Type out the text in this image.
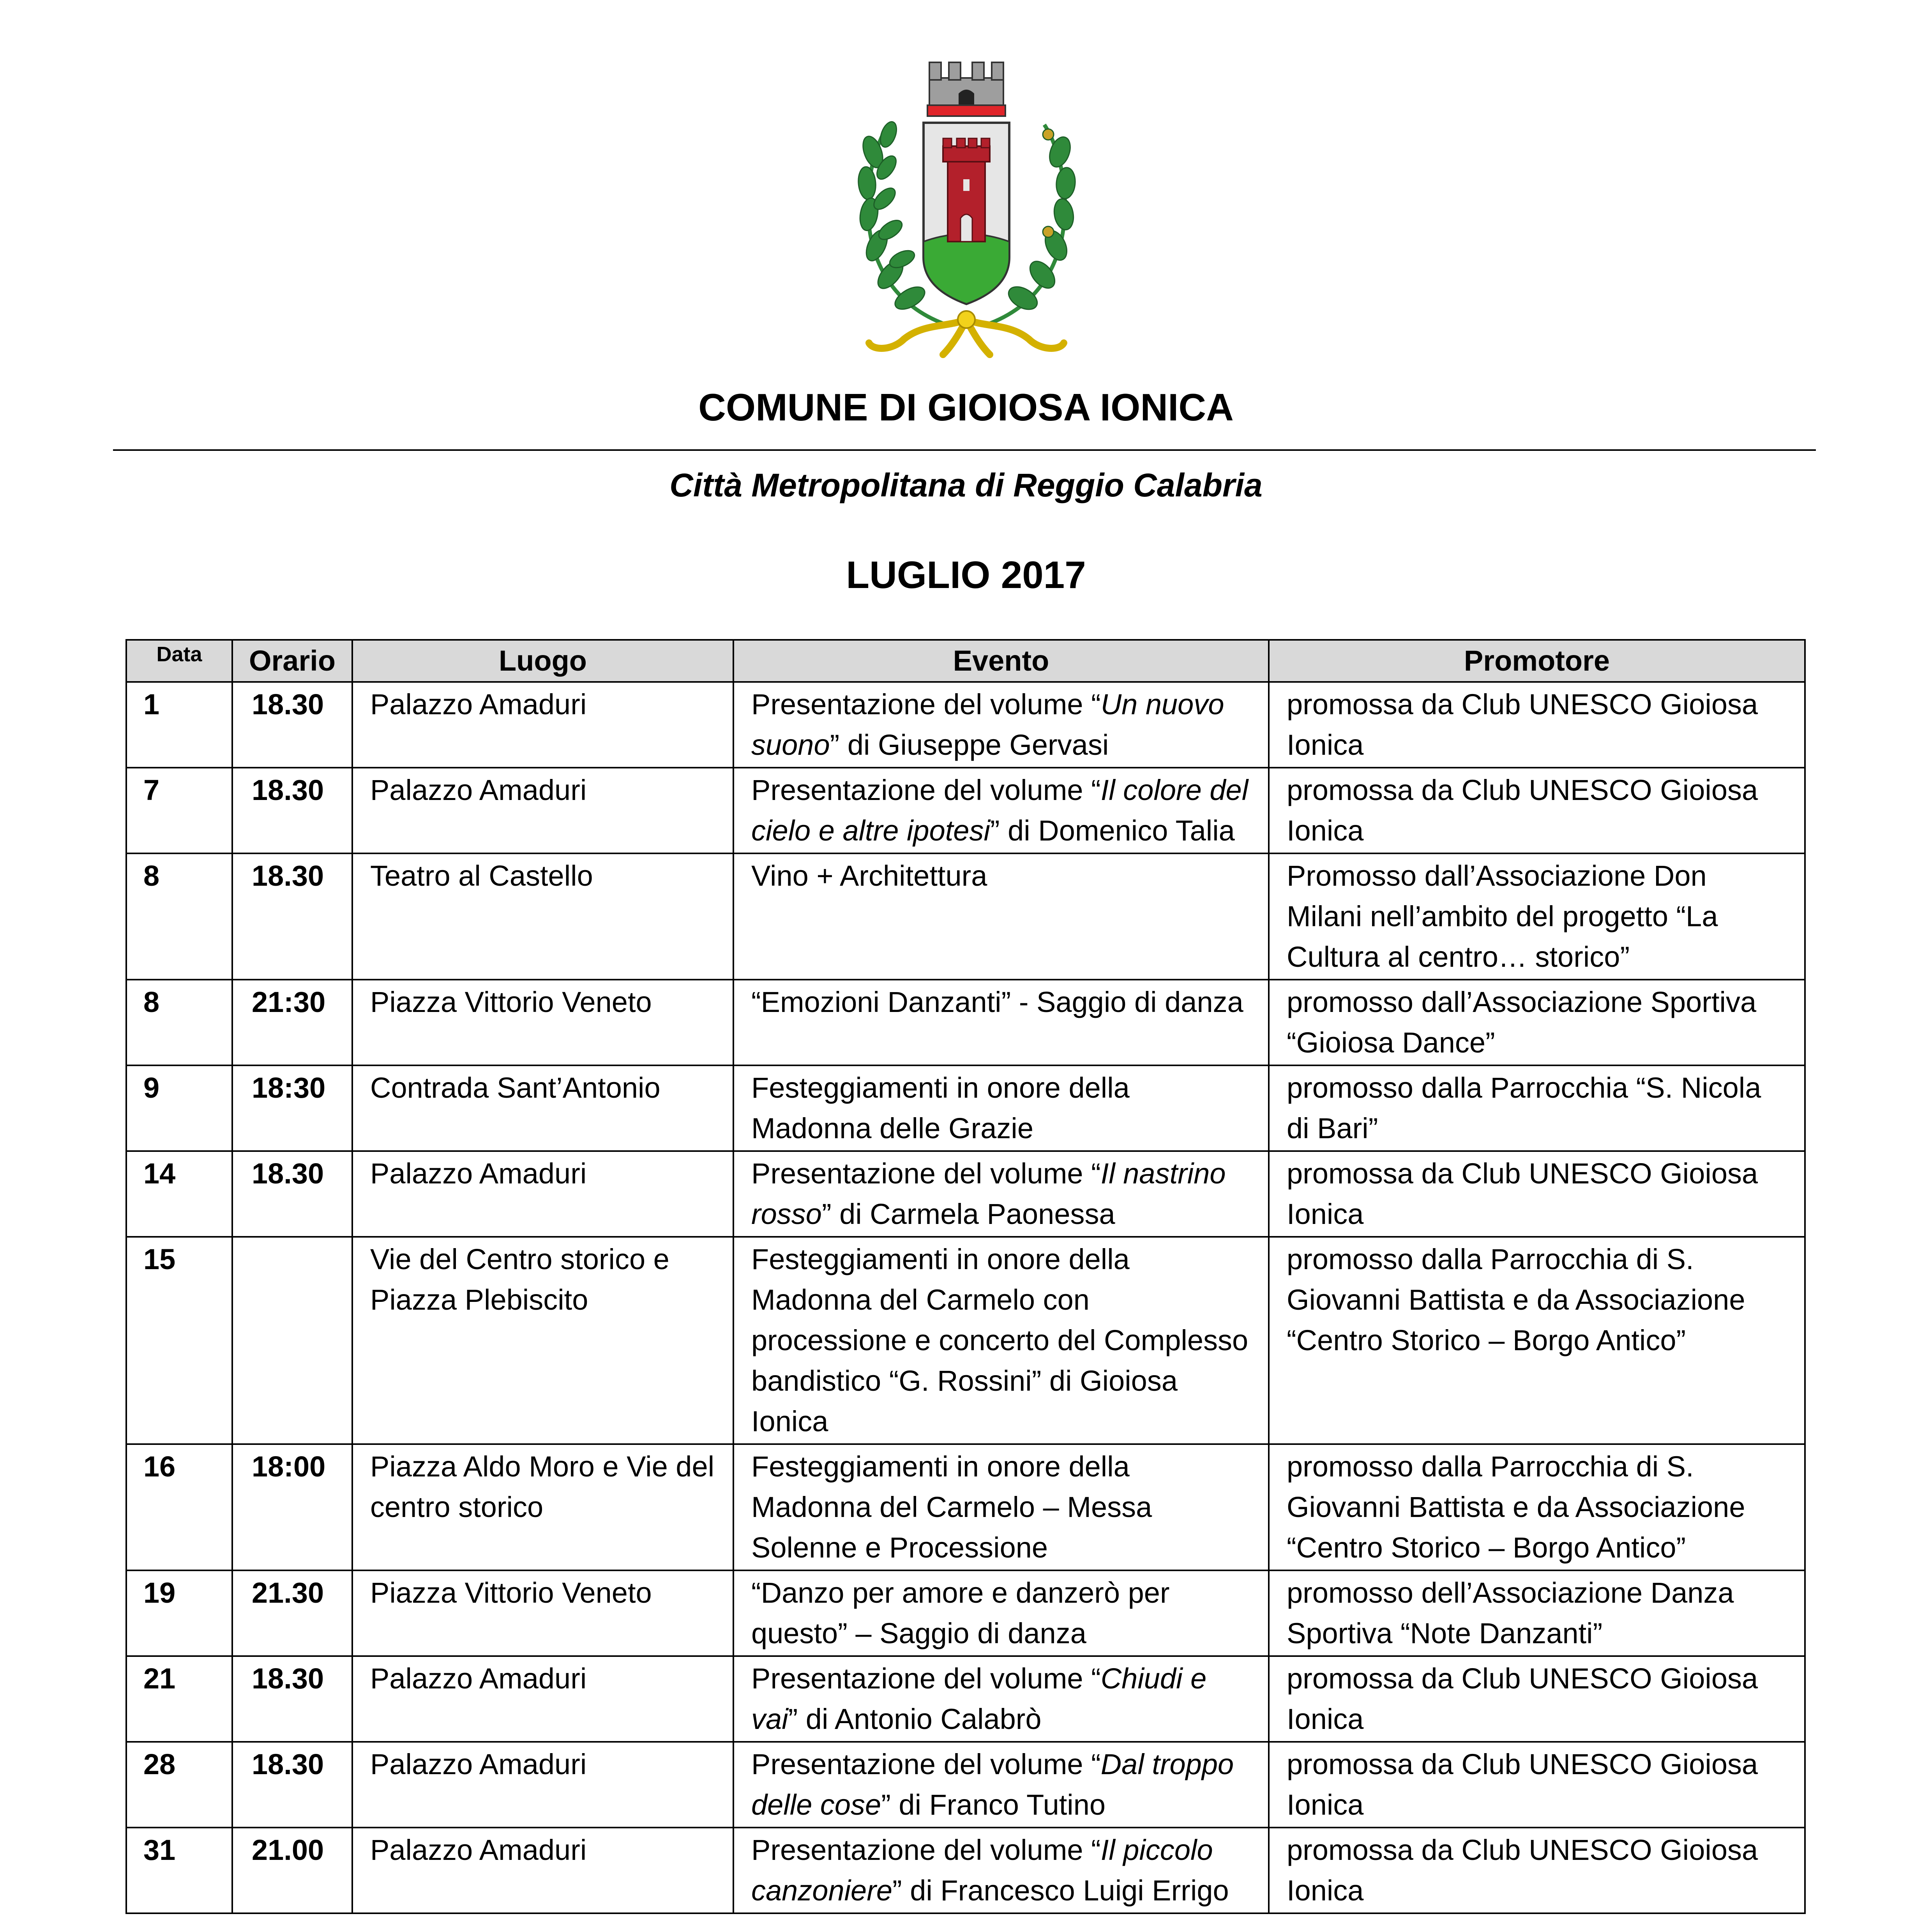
COMUNE DI GIOIOSA IONICA
Città Metropolitana di Reggio Calabria
LUGLIO 2017
Data	Orario	Luogo	Evento	Promotore
1	18.30	Palazzo Amaduri	Presentazione del volume “Un nuovo suono” di Giuseppe Gervasi	promossa da Club UNESCO Gioiosa Ionica
7	18.30	Palazzo Amaduri	Presentazione del volume “Il colore del cielo e altre ipotesi” di Domenico Talia	promossa da Club UNESCO Gioiosa Ionica
8	18.30	Teatro al Castello	Vino + Architettura	Promosso dall’Associazione Don Milani nell’ambito del progetto “La Cultura al centro… storico”
8	21:30	Piazza Vittorio Veneto	“Emozioni Danzanti” - Saggio di danza	promosso dall’Associazione Sportiva “Gioiosa Dance”
9	18:30	Contrada Sant’Antonio	Festeggiamenti in onore della Madonna delle Grazie	promosso dalla Parrocchia “S. Nicola di Bari”
14	18.30	Palazzo Amaduri	Presentazione del volume “Il nastrino rosso” di Carmela Paonessa	promossa da Club UNESCO Gioiosa Ionica
15		Vie del Centro storico e Piazza Plebiscito	Festeggiamenti in onore della Madonna del Carmelo con processione e concerto del Complesso bandistico “G. Rossini” di Gioiosa Ionica	promosso dalla Parrocchia di S. Giovanni Battista e da Associazione “Centro Storico – Borgo Antico”
16	18:00	Piazza Aldo Moro e Vie del centro storico	Festeggiamenti in onore della Madonna del Carmelo – Messa Solenne e Processione	promosso dalla Parrocchia di S. Giovanni Battista e da Associazione “Centro Storico – Borgo Antico”
19	21.30	Piazza Vittorio Veneto	“Danzo per amore e danzerò per questo” – Saggio di danza	promosso dell’Associazione Danza Sportiva “Note Danzanti”
21	18.30	Palazzo Amaduri	Presentazione del volume “Chiudi e vai” di Antonio Calabrò	promossa da Club UNESCO Gioiosa Ionica
28	18.30	Palazzo Amaduri	Presentazione del volume “Dal troppo delle cose” di Franco Tutino	promossa da Club UNESCO Gioiosa Ionica
31	21.00	Palazzo Amaduri	Presentazione del volume “Il piccolo canzoniere” di Francesco Luigi Errigo	promossa da Club UNESCO Gioiosa Ionica
